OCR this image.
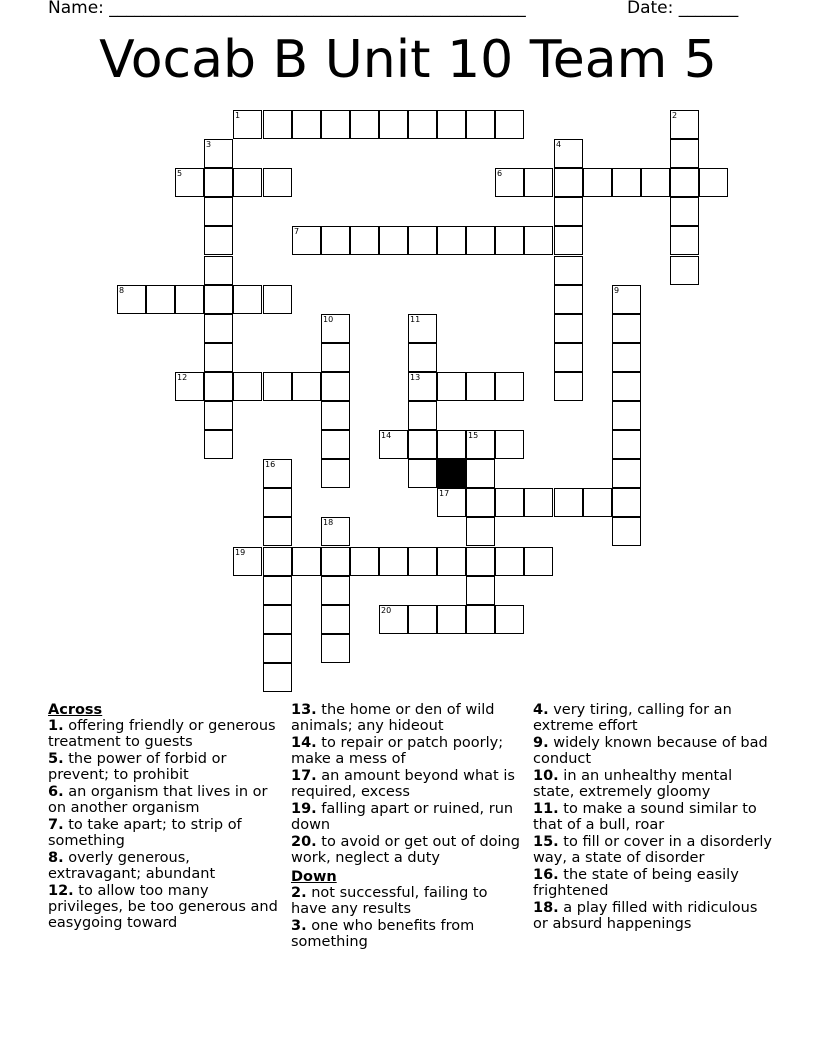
Name: _________________________________________________	Date: _______
Vocab B Unit 10 Team 5
1	2
3	4
5	6
7
8	9
10	11
13
12
14	15
16
17
18
19
20

Across

1. offering friendly or generous treatment to guests

5. the power of forbid or prevent; to prohibit

6. an organism that lives in or on another organism

7. to take apart; to strip of something

8. overly generous, extravagant; abundant

12. to allow too many privileges, be too generous and easygoing toward

13. the home or den of wild animals; any hideout

14. to repair or patch poorly; make a mess of

17. an amount beyond what is required, excess

19. falling apart or ruined, run down

20. to avoid or get out of doing work, neglect a duty

Down

2. not successful, failing to have any results

3. one who benefits from something

4. very tiring, calling for an extreme effort

9. widely known because of bad conduct

10. in an unhealthy mental state, extremely gloomy

11. to make a sound similar to that of a bull, roar

15. to fill or cover in a disorderly way, a state of disorder

16. the state of being easily frightened

18. a play filled with ridiculous or absurd happenings
